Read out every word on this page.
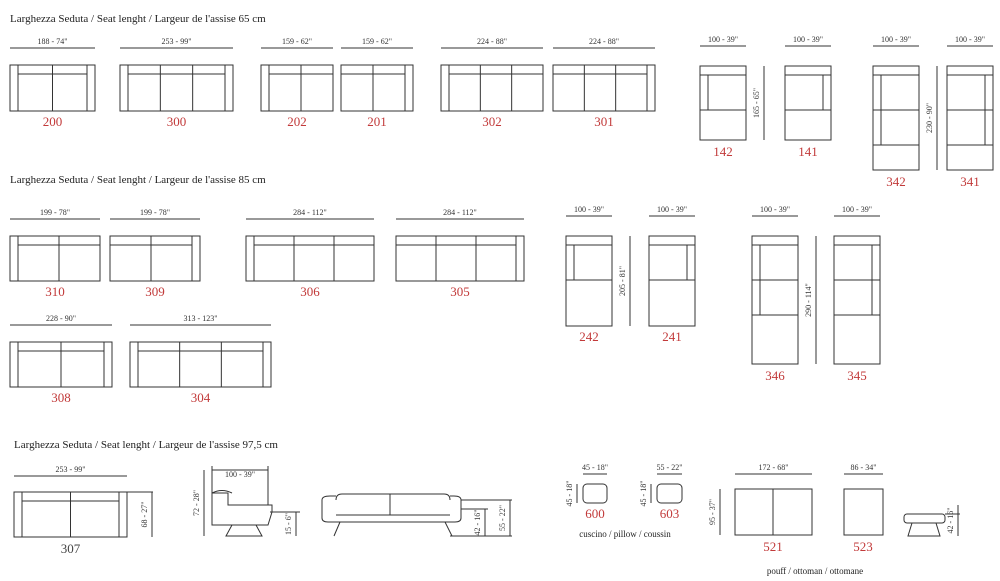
Larghezza Seduta / Seat lenght / Largeur de l'assise 65 cm
Larghezza Seduta / Seat lenght / Largeur de l'assise 85 cm
Larghezza Seduta / Seat lenght / Largeur de l'assise 97,5 cm
188 - 74"
200
253 - 99"
300
159 - 62"
202
159 - 62"
201
224 - 88"
302
224 - 88"
301
100 - 39"
165 - 65"
142
100 - 39"
141
100 - 39"
230 - 90"
342
100 - 39"
341
199 - 78"
310
199 - 78"
309
284 - 112"
306
284 - 112"
305
228 - 90"
308
313 - 123"
304
100 - 39"
205 - 81"
242
100 - 39"
241
100 - 39"
290 - 114"
346
100 - 39"
345
253 - 99"
307
68 - 27"
100 - 39"
72 - 28"
15 - 6"	42 - 16" 55 - 22"
45 - 18"
45 - 18"
600
55 - 22"
45 - 18"
603
cuscino / pillow / coussin
172 - 68"
95 - 37"
521
86 - 34"
523
pouff / ottoman / ottomane
42 - 16"
